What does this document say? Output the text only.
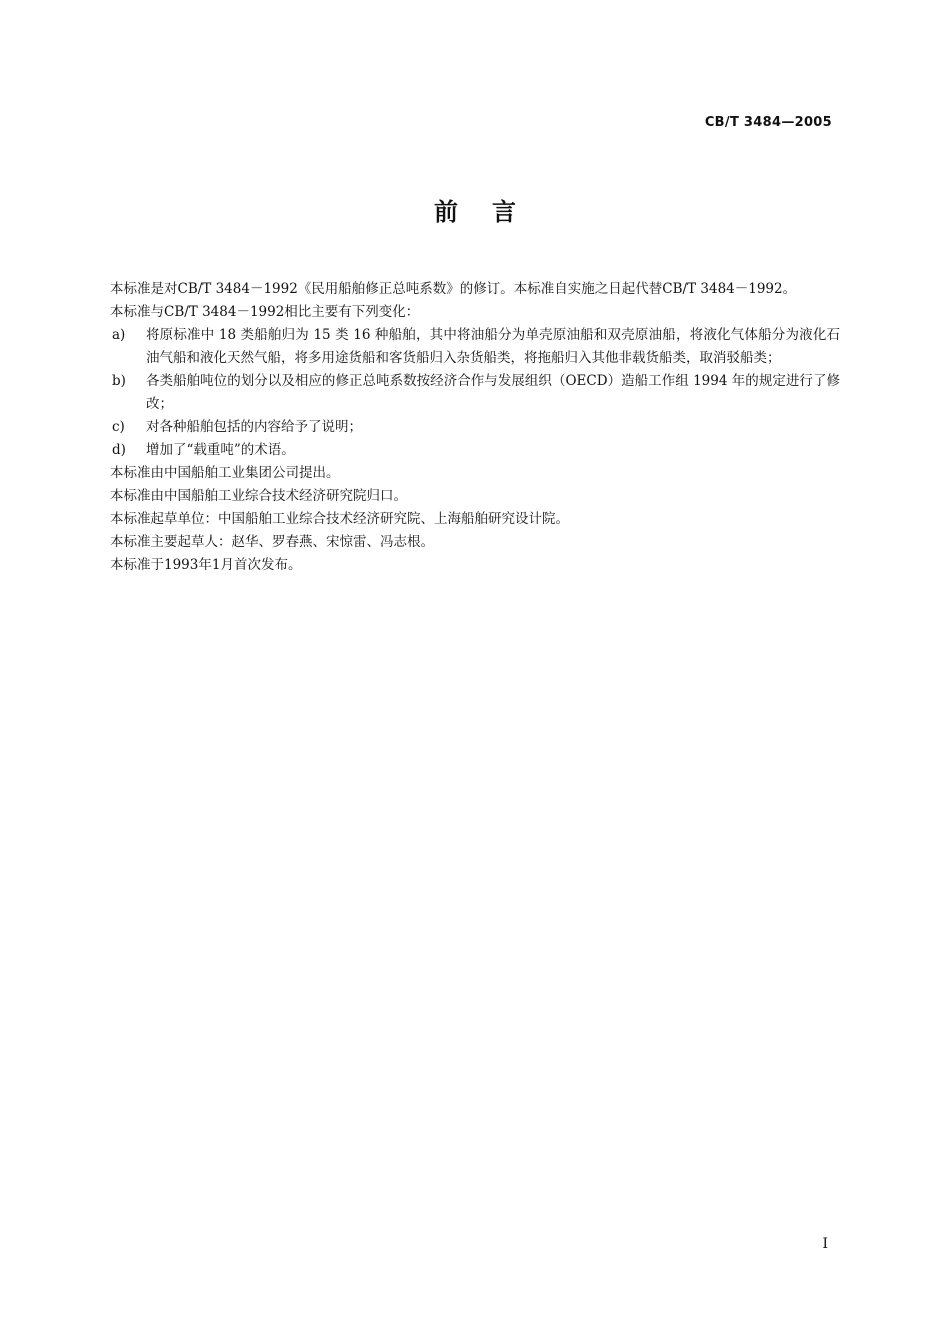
CB/T 3484—2005
前言

本标准是对CB/T 3484－1992《民用船舶修正总吨系数》的修订。本标准自实施之日起代替CB/T 3484－1992。

本标准与CB/T 3484－1992相比主要有下列变化：

a) 将原标准中 18 类船舶归为 15 类 16 种船舶，其中将油船分为单壳原油船和双壳原油船，将液化气体船分为液化石油气船和液化天然气船，将多用途货船和客货船归入杂货船类，将拖船归入其他非载货船类，取消驳船类；
b) 各类船舶吨位的划分以及相应的修正总吨系数按经济合作与发展组织（OECD）造船工作组 1994 年的规定进行了修改；
c) 对各种船舶包括的内容给予了说明；
d) 增加了“载重吨”的术语。

本标准由中国船舶工业集团公司提出。

本标准由中国船舶工业综合技术经济研究院归口。

本标准起草单位：中国船舶工业综合技术经济研究院、上海船舶研究设计院。

本标准主要起草人：赵华、罗春燕、宋惊雷、冯志根。

本标准于1993年1月首次发布。

I
